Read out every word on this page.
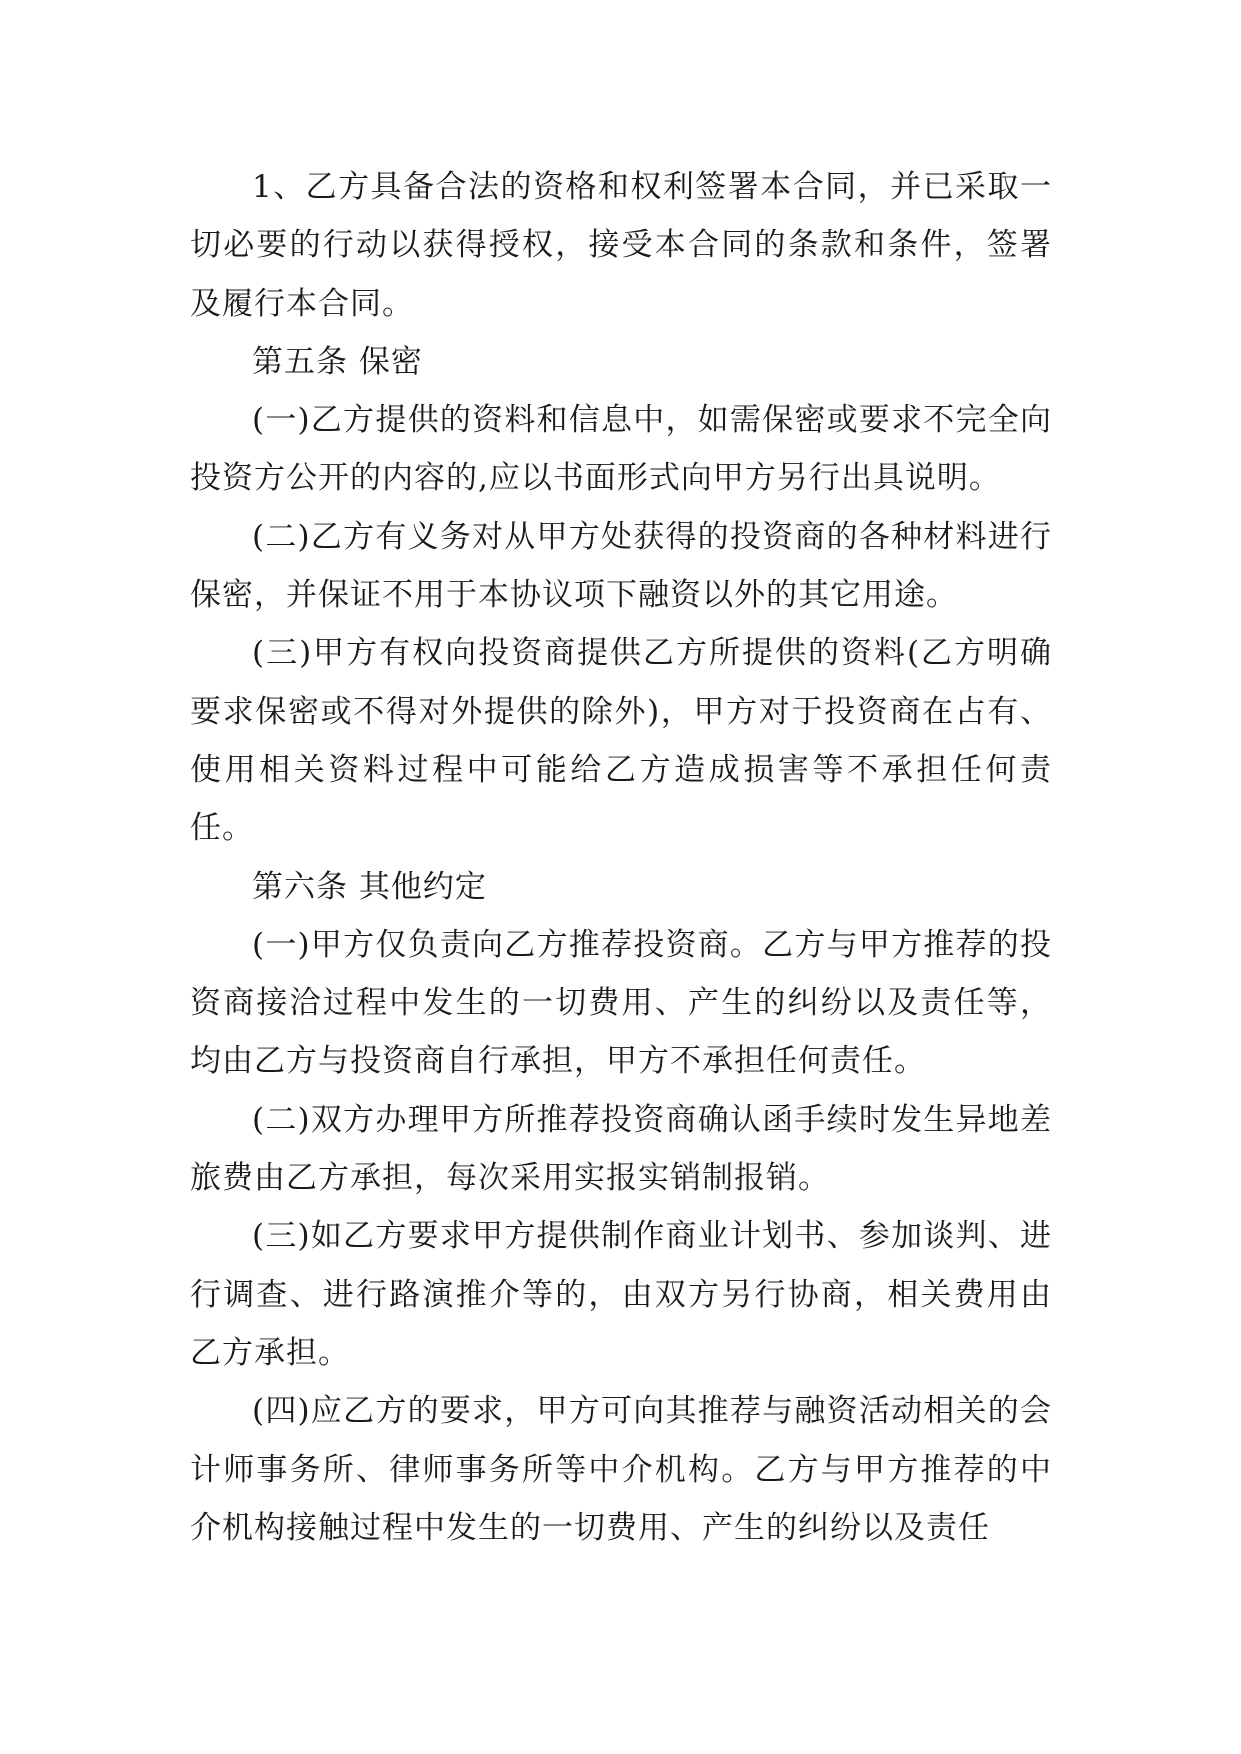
1、乙方具备合法的资格和权利签署本合同，并已采取一切必要的行动以获得授权，接受本合同的条款和条件，签署及履行本合同。

第五条 保密

(一)乙方提供的资料和信息中，如需保密或要求不完全向投资方公开的内容的,应以书面形式向甲方另行出具说明。

(二)乙方有义务对从甲方处获得的投资商的各种材料进行保密，并保证不用于本协议项下融资以外的其它用途。

(三)甲方有权向投资商提供乙方所提供的资料(乙方明确要求保密或不得对外提供的除外)，甲方对于投资商在占有、使用相关资料过程中可能给乙方造成损害等不承担任何责任。

第六条 其他约定

(一)甲方仅负责向乙方推荐投资商。乙方与甲方推荐的投资商接洽过程中发生的一切费用、产生的纠纷以及责任等，均由乙方与投资商自行承担，甲方不承担任何责任。

(二)双方办理甲方所推荐投资商确认函手续时发生异地差旅费由乙方承担，每次采用实报实销制报销。

(三)如乙方要求甲方提供制作商业计划书、参加谈判、进行调查、进行路演推介等的，由双方另行协商，相关费用由乙方承担。

(四)应乙方的要求，甲方可向其推荐与融资活动相关的会计师事务所、律师事务所等中介机构。乙方与甲方推荐的中介机构接触过程中发生的一切费用、产生的纠纷以及责任
